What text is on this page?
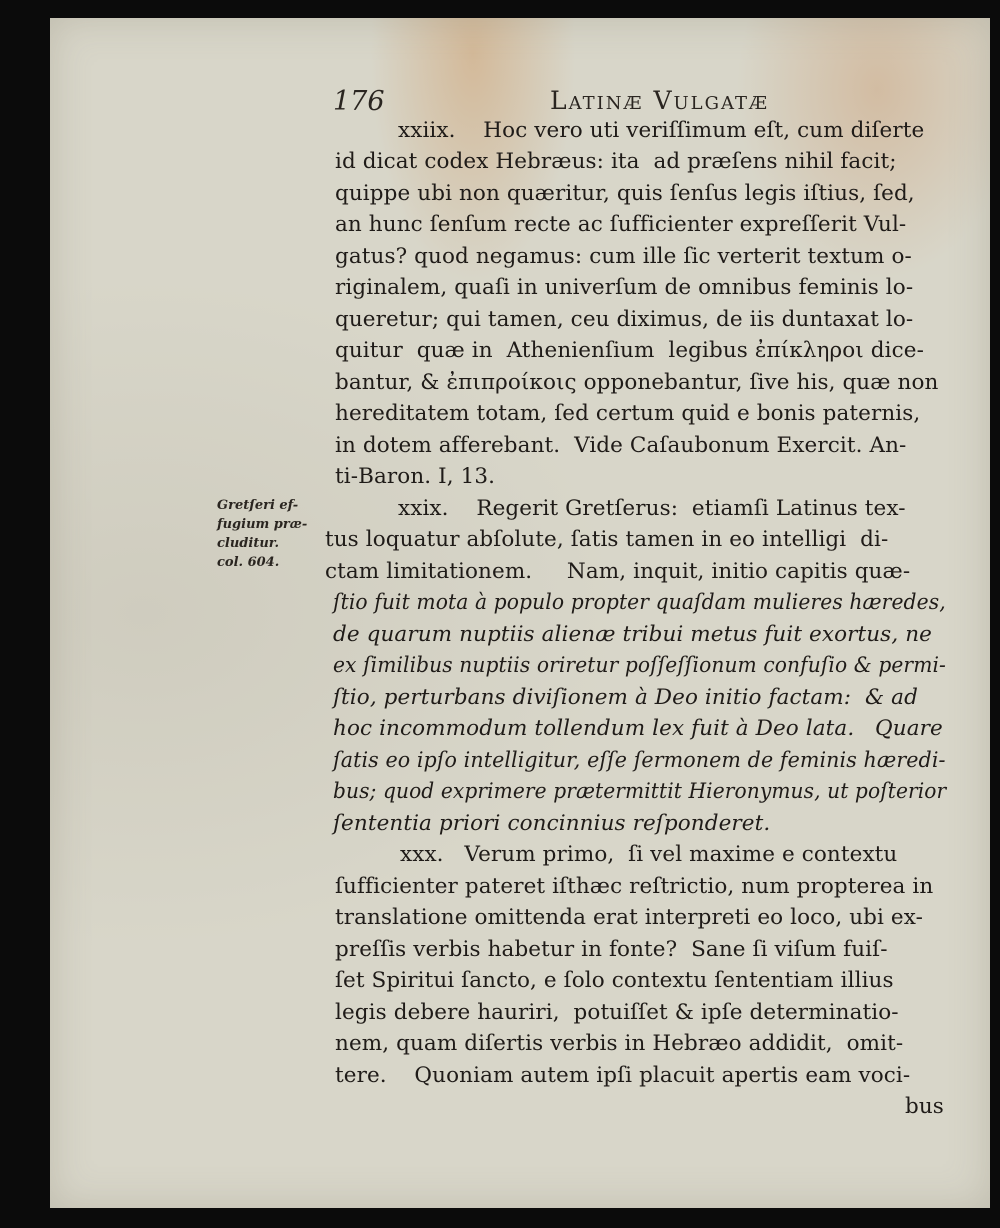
176	Latinæ Vulgatæ
Gretſeri ef-
fugium præ-
cluditur.
col. 604.
xxiix.    Hoc vero uti veriſſimum eſt, cum diſerte
id dicat codex Hebræus: ita  ad præſens nihil facit;
quippe ubi non quæritur, quis ſenſus legis iſtius, ſed,
an hunc ſenſum recte ac ſufficienter expreſſerit Vul-
gatus? quod negamus: cum ille ſic verterit textum o-
riginalem, quaſi in univerſum de omnibus feminis lo-
queretur; qui tamen, ceu diximus, de iis duntaxat lo-
quitur  quæ in  Athenienſium  legibus ἐπίκληροι dice-
bantur, & ἐπιπροίκοις opponebantur, ſive his, quæ non
hereditatem totam, ſed certum quid e bonis paternis,
in dotem afferebant.  Vide Caſaubonum Exercit. An-
ti-Baron. I, 13.
xxix.    Regerit Gretſerus:  etiamſi Latinus tex-
tus loquatur abſolute, ſatis tamen in eo intelligi  di-
ctam limitationem.     Nam, inquit, initio capitis quæ-
ſtio fuit mota à populo propter quaſdam mulieres hæredes,
de quarum nuptiis alienæ tribui metus fuit exortus, ne
ex ſimilibus nuptiis oriretur poſſeſſionum confuſio & permi-
ſtio, perturbans diviſionem à Deo initio factam:  & ad
hoc incommodum tollendum lex fuit à Deo lata.   Quare
ſatis eo ipſo intelligitur, eſſe ſermonem de feminis hæredi-
bus; quod exprimere prætermittit Hieronymus, ut poſterior
ſententia priori concinnius reſponderet.
xxx.   Verum primo,  ſi vel maxime e contextu
ſufficienter pateret iſthæc reſtrictio, num propterea in
translatione omittenda erat interpreti eo loco, ubi ex-
preſſis verbis habetur in fonte?  Sane ſi viſum fuiſ-
ſet Spiritui ſancto, e ſolo contextu ſententiam illius
legis debere hauriri,  potuiſſet & ipſe determinatio-
nem, quam diſertis verbis in Hebræo addidit,  omit-
tere.    Quoniam autem ipſi placuit apertis eam voci-
bus
